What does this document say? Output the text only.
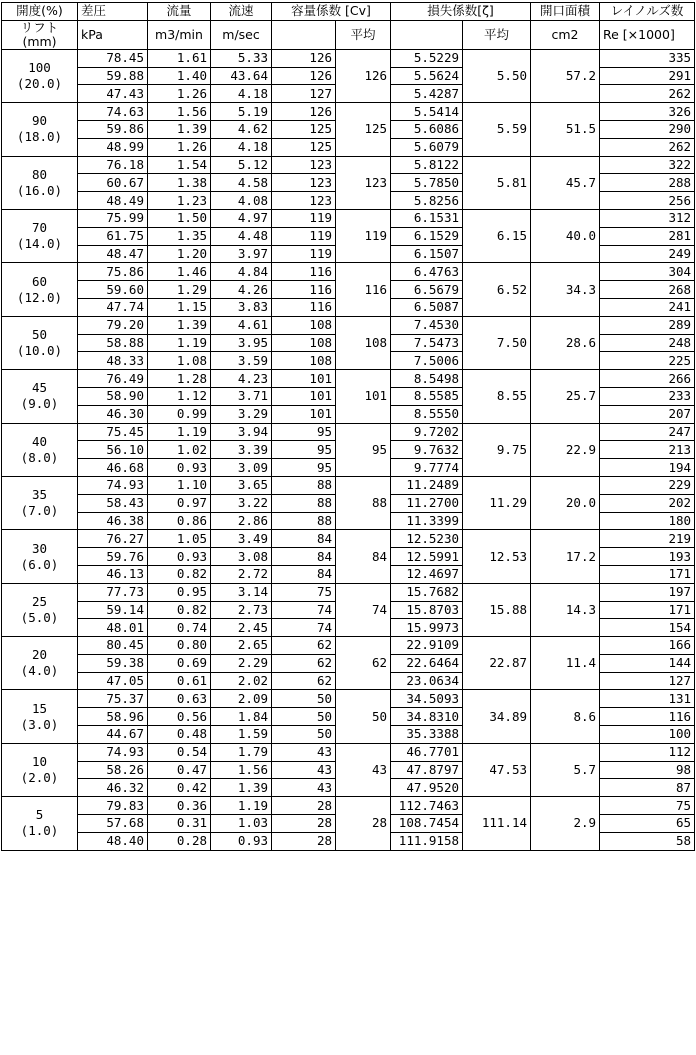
開度(%)	差圧	流量	流速	容量係数 [Cv]		損失係数[ζ]		開口面積	レイノルズ数
リフト
(mm)	kPa	m3/min	m/sec		平均		平均	cm2	Re [×1000]
100
(20.0)	78.45	1.61	5.33	126	126	5.5229	5.50	57.2	335
	59.88	1.40	43.64	126		5.5624			291
	47.43	1.26	4.18	127		5.4287			262
90
(18.0)	74.63	1.56	5.19	126	125	5.5414	5.59	51.5	326
	59.86	1.39	4.62	125		5.6086			290
	48.99	1.26	4.18	125		5.6079			262
80
(16.0)	76.18	1.54	5.12	123	123	5.8122	5.81	45.7	322
	60.67	1.38	4.58	123		5.7850			288
	48.49	1.23	4.08	123		5.8256			256
70
(14.0)	75.99	1.50	4.97	119	119	6.1531	6.15	40.0	312
	61.75	1.35	4.48	119		6.1529			281
	48.47	1.20	3.97	119		6.1507			249
60
(12.0)	75.86	1.46	4.84	116	116	6.4763	6.52	34.3	304
	59.60	1.29	4.26	116		6.5679			268
	47.74	1.15	3.83	116		6.5087			241
50
(10.0)	79.20	1.39	4.61	108	108	7.4530	7.50	28.6	289
	58.88	1.19	3.95	108		7.5473			248
	48.33	1.08	3.59	108		7.5006			225
45
(9.0)	76.49	1.28	4.23	101	101	8.5498	8.55	25.7	266
	58.90	1.12	3.71	101		8.5585			233
	46.30	0.99	3.29	101		8.5550			207
40
(8.0)	75.45	1.19	3.94	95	95	9.7202	9.75	22.9	247
	56.10	1.02	3.39	95		9.7632			213
	46.68	0.93	3.09	95		9.7774			194
35
(7.0)	74.93	1.10	3.65	88	88	11.2489	11.29	20.0	229
	58.43	0.97	3.22	88		11.2700			202
	46.38	0.86	2.86	88		11.3399			180
30
(6.0)	76.27	1.05	3.49	84	84	12.5230	12.53	17.2	219
	59.76	0.93	3.08	84		12.5991			193
	46.13	0.82	2.72	84		12.4697			171
25
(5.0)	77.73	0.95	3.14	75	74	15.7682	15.88	14.3	197
	59.14	0.82	2.73	74		15.8703			171
	48.01	0.74	2.45	74		15.9973			154
20
(4.0)	80.45	0.80	2.65	62	62	22.9109	22.87	11.4	166
	59.38	0.69	2.29	62		22.6464			144
	47.05	0.61	2.02	62		23.0634			127
15
(3.0)	75.37	0.63	2.09	50	50	34.5093	34.89	8.6	131
	58.96	0.56	1.84	50		34.8310			116
	44.67	0.48	1.59	50		35.3388			100
10
(2.0)	74.93	0.54	1.79	43	43	46.7701	47.53	5.7	112
	58.26	0.47	1.56	43		47.8797			98
	46.32	0.42	1.39	43		47.9520			87
5
(1.0)	79.83	0.36	1.19	28	28	112.7463	111.14	2.9	75
	57.68	0.31	1.03	28		108.7454			65
	48.40	0.28	0.93	28		111.9158			58
